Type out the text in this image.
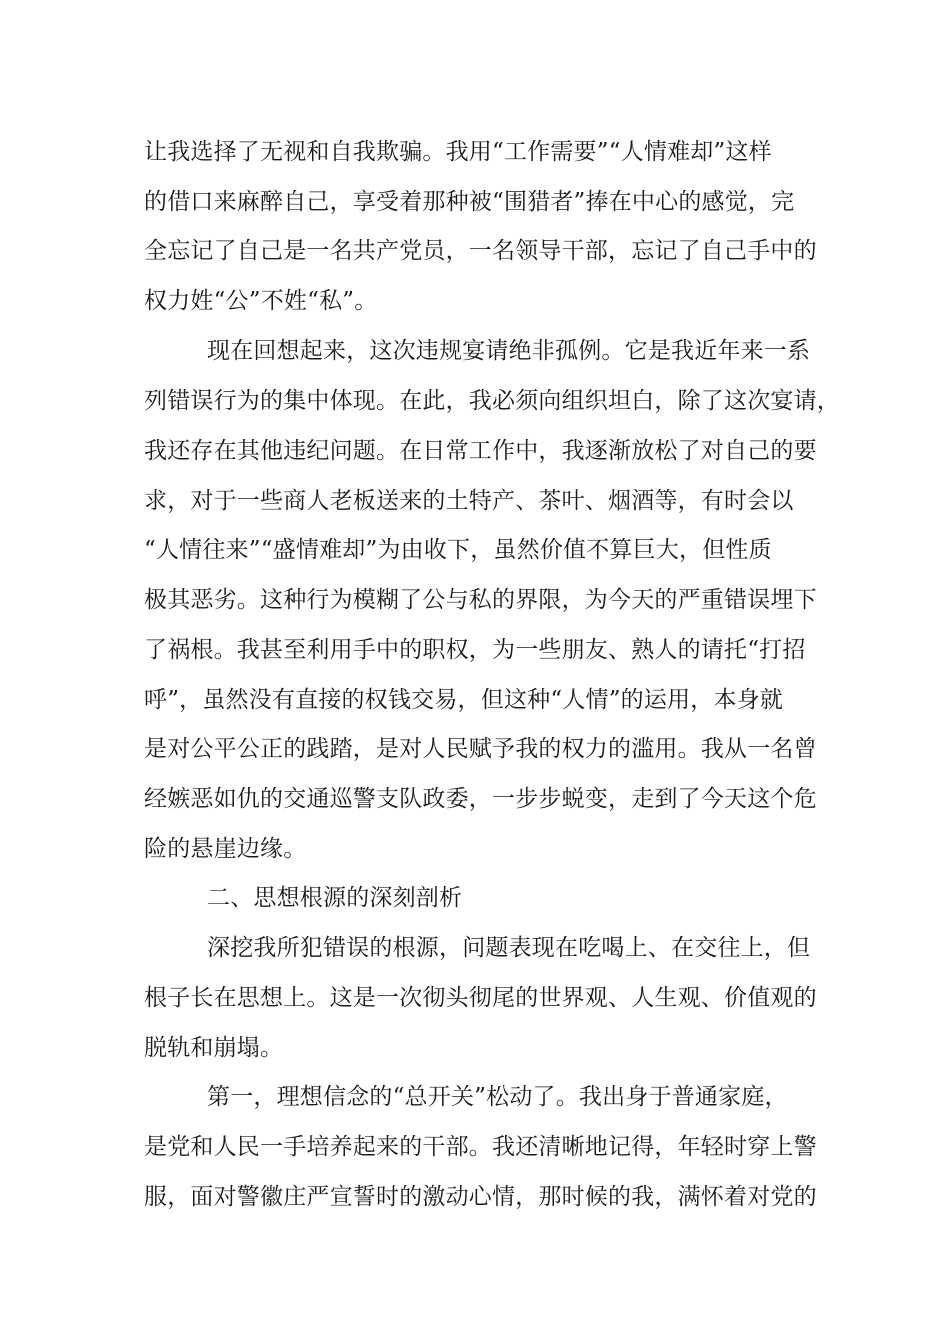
让我选择了无视和自我欺骗。我用“工作需要”“人情难却”这样
的借口来麻醉自己，享受着那种被“围猎者”捧在中心的感觉，完
全忘记了自己是一名共产党员，一名领导干部，忘记了自己手中的
权力姓“公”不姓“私”。
现在回想起来，这次违规宴请绝非孤例。它是我近年来一系
列错误行为的集中体现。在此，我必须向组织坦白，除了这次宴请，
我还存在其他违纪问题。在日常工作中，我逐渐放松了对自己的要
求，对于一些商人老板送来的土特产、茶叶、烟酒等，有时会以
“人情往来”“盛情难却”为由收下，虽然价值不算巨大，但性质
极其恶劣。这种行为模糊了公与私的界限，为今天的严重错误埋下
了祸根。我甚至利用手中的职权，为一些朋友、熟人的请托“打招
呼”，虽然没有直接的权钱交易，但这种“人情”的运用，本身就
是对公平公正的践踏，是对人民赋予我的权力的滥用。我从一名曾
经嫉恶如仇的交通巡警支队政委，一步步蜕变，走到了今天这个危
险的悬崖边缘。
二、思想根源的深刻剖析
深挖我所犯错误的根源，问题表现在吃喝上、在交往上，但
根子长在思想上。这是一次彻头彻尾的世界观、人生观、价值观的
脱轨和崩塌。
第一，理想信念的“总开关”松动了。我出身于普通家庭，
是党和人民一手培养起来的干部。我还清晰地记得，年轻时穿上警
服，面对警徽庄严宣誓时的激动心情，那时候的我，满怀着对党的
